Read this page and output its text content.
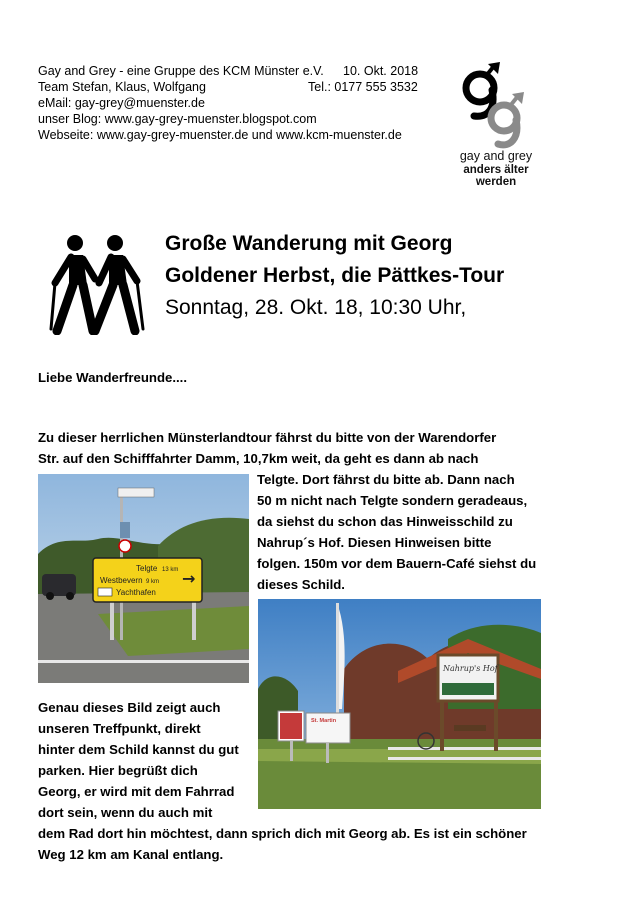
Gay and Grey - eine Gruppe des KCM Münster e.V. 10. Okt. 2018
Team Stefan, Klaus, Wolfgang	Tel.: 0177 555 3532
eMail: gay-grey@muenster.de
unser Blog: www.gay-grey-muenster.blogspot.com
Webseite: www.gay-grey-muenster.de und www.kcm-muenster.de
gay and grey
anders älter werden
Große Wanderung mit Georg
Goldener Herbst, die Pättkes-Tour
Sonntag, 28. Okt. 18, 10:30 Uhr,
Liebe Wanderfreunde....
Zu dieser herrlichen Münsterlandtour fährst du bitte von der Warendorfer
Str. auf den Schifffahrter Damm, 10,7km weit, da geht es dann ab nach
Telgte. Dort fährst du bitte ab. Dann nach
50 m nicht nach Telgte sondern geradeaus,
da siehst du schon das Hinweisschild zu
Nahrup´s Hof. Diesen Hinweisen bitte
folgen. 150m vor dem Bauern-Café siehst du
dieses Schild.
Genau dieses Bild zeigt auch
unseren Treffpunkt, direkt
hinter dem Schild kannst du gut
parken. Hier begrüßt dich
Georg, er wird mit dem Fahrrad
dort sein, wenn du auch mit
dem Rad dort hin möchtest, dann sprich dich mit Georg ab. Es ist ein schöner
Weg 12 km am Kanal entlang.
Telgte 13 km
Westbevern 9 km →
Yachthafen
Nahrup's Hof
St. Martin
